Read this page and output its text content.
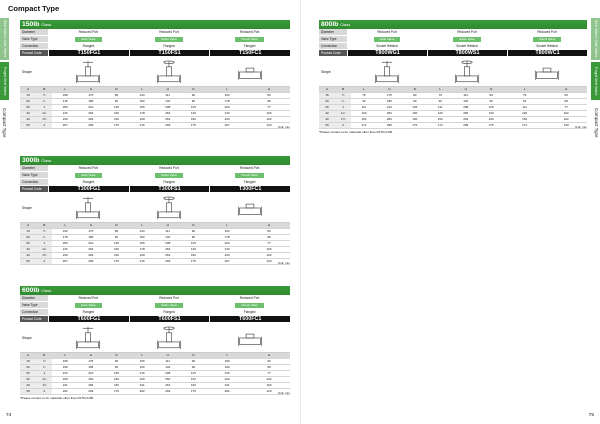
Compact Type
Steel Valves / Gate Valves
Forged Steel Valves
Compact Type
74
150lb Class
Diameter	Reduced Port	Reduced Port	Reduced Port
Valve Type	Gate Valve	Globe Valve	Check Valve
Connection	Flanged	Flanged	Flanged
Product Code	T150FG1	T150FS1	T150FC1
Shape
A	B	L	H	D	L	H	D	L	H
15	½	108	175	90	140	111	90	152	60
20	¾	118	186	90	152	140	90	178	68
25	1	203	210	125	165	208	125	203	77
32	1¼	216	263	160	178	260	130	216	102
40	1½	229	283	160	190	263	160	229	102
50	2	267	299	175	216	299	175	267	120 Unit: mm
300lb Class
Diameter	Reduced Port	Reduced Port	Reduced Port
Valve Type	Gate Valve	Globe Valve	Check Valve
Connection	Flanged	Flanged	Flanged
Product Code	T300FG1	T300FS1	T300FC1
Shape
A	B	L	H	D	L	H	D	L	H
15	½	152	175	90	140	111	90	152	60
20	¾	178	186	90	152	140	90	178	68
25	1	203	210	125	165	208	125	203	77
32	1¼	216	263	160	178	260	130	216	102
40	1½	229	283	160	190	263	160	229	102
50	2	267	299	175	216	299	175	267	120 Unit: mm
600lb Class
Diameter	Reduced Port	Reduced Port	Reduced Port
Valve Type	Gate Valve	Globe Valve	Check Valve
Connection	Flanged	Flanged	Flanged
Product Code	T600FG1	T600FS1	T600FC1
Shape
A	B	L	H	D	L	H	D	L	H
15	½	165	175	90	165	111	90	165	60
20	¾	190	186	90	190	140	90	190	68
25	1	216	210	125	216	208	125	216	77
32	1¼	229	263	160	229	260	130	229	102
40	1½	241	283	160	241	263	160	241	102
50	2	292	299	175	292	299	175	292	120 Unit: mm
*Please contact us for materials other than ASTM A105.
Steel Valves / Gate Valves
Forged Steel Valves
Compact Type
75
800lb Class
Diameter	Reduced Port	Reduced Port	Reduced Port
Valve Type	Gate Valve	Globe Valve	Check Valve
Connection	Socket Welded	Socket Welded	Socket Welded
Product Code	T800WG1	T800WS1	T800WC1
Shape
A	B	L	H	D	L	H	D	L	H
15	½	79	175	90	79	111	90	79	60
20	¾	92	186	90	92	140	90	92	68
25	1	111	210	125	111	208	125	111	77
32	1¼	120	263	160	120	260	130	120	102
40	1½	152	283	160	152	263	160	152	102
50	2	172	299	175	172	299	175	172	120 Unit: mm
*Please contact us for materials other than ASTM A105.
